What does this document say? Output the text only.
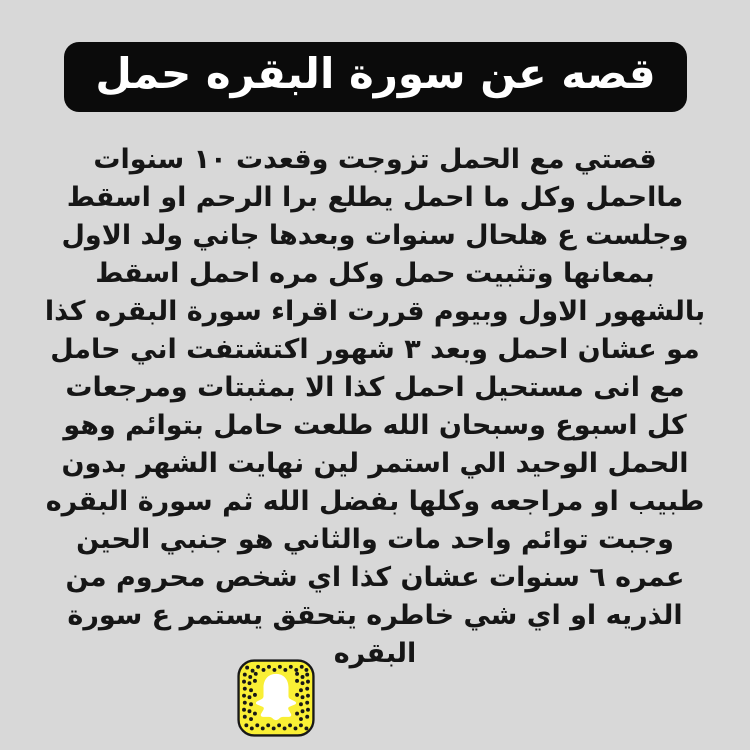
قصه عن سورة البقره حمل
قصتي مع الحمل تزوجت وقعدت ١٠ سنوات
مااحمل وكل ما احمل يطلع برا الرحم او اسقط
وجلست ع هلحال سنوات وبعدها جاني ولد الاول
بمعانها وتثبيت حمل وكل مره احمل اسقط
بالشهور الاول وبيوم قررت اقراء سورة البقره كذا
مو عشان احمل وبعد ٣ شهور اكتشتفت اني حامل
مع انى مستحيل احمل كذا الا بمثبتات ومرجعات
كل اسبوع وسبحان الله طلعت حامل بتوائم وهو
الحمل الوحيد الي استمر لين نهايت الشهر بدون
طبيب او مراجعه وكلها بفضل الله ثم سورة البقره
وجبت توائم واحد مات والثاني هو جنبي الحين
عمره ٦ سنوات عشان كذا اي شخص محروم من
الذريه او اي شي خاطره يتحقق يستمر ع سورة
البقره
